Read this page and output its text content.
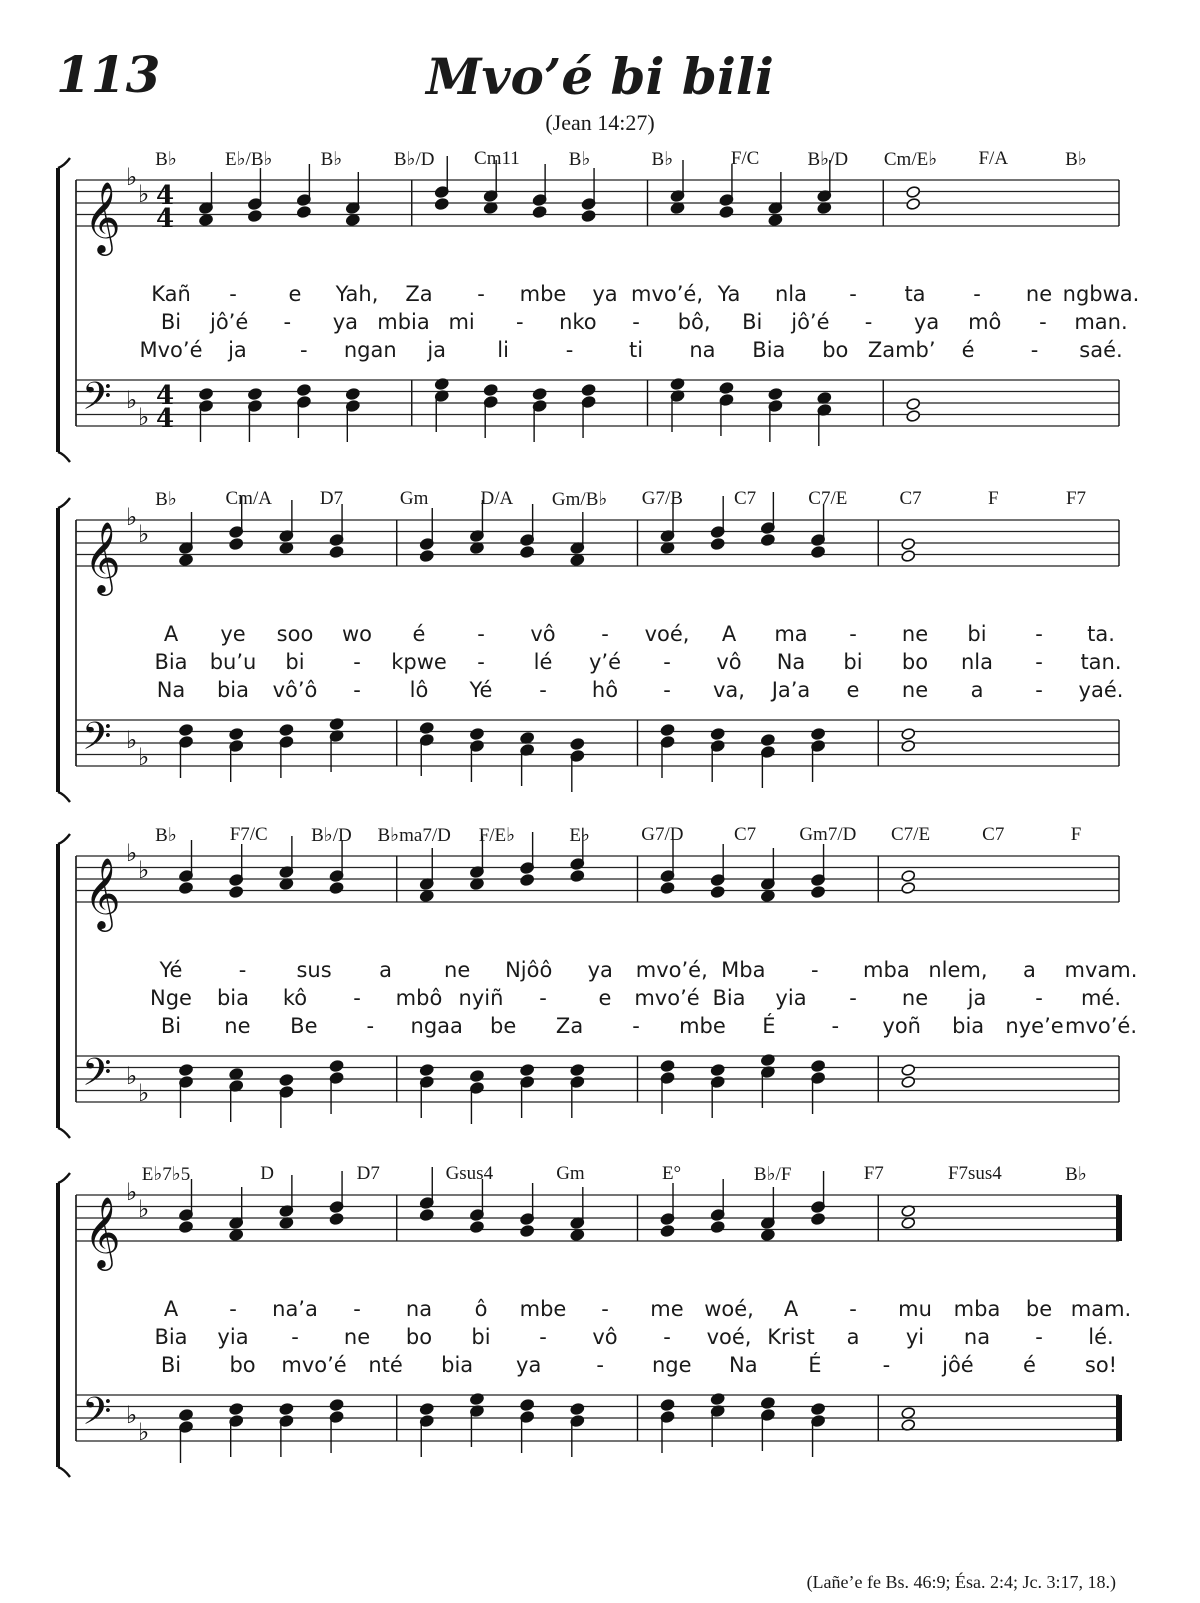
113	Mvo’é bi bili
(Jean 14:27)
𝄞
𝄢
♭
♭
♭
♭
4
4
4
4
B♭	E♭/B♭	B♭	B♭/D Cm11	B♭	B♭	F/C	B♭/D Cm/E♭ F/A	B♭
Kañ - e Yah, Za - mbe ya mvo’é, Ya nla - ta - ne ngbwa.
Bi jô’é - ya mbia mi - nko - bô, Bi jô’é - ya mô - man.
Mvo’é ja	- ngan ja li	-	ti na Bia bo Zamb’ é	- saé.
𝄞
𝄢
♭
♭
♭
♭
B♭	Cm/A	D7	Gm	D/A Gm/B♭ G7/B	C7	C7/E	C7	F	F7
A ye soo wo é - vô - voé, A ma - ne bi - ta.
Bia bu’u bi - kpwe - lé y’é - vô Na bi bo nla - tan.
Na bia vô’ô - lô Yé - hô - va, Ja’a e ne a - yaé.
𝄞
𝄢
♭
♭
♭
♭
B♭	F7/C B♭/D B♭ma7/D F/E♭	E♭	G7/D	C7 Gm7/D C7/E	C7	F
Yé	- sus a ne Njôô ya mvo’é, Mba - mba nlem, a mvam.
Nge bia kô - mbô nyiñ - e mvo’é Bia yia - ne ja - mé.
Bi ne Be - ngaa be Za - mbe É	- yoñ bia nye’e mvo’é.
𝄞
𝄢
♭
♭
♭
♭
E♭7♭5	D	D7	Gsus4	Gm	E°	B♭/F	F7	F7sus4	B♭
A - na’a - na ô mbe - me woé, A - mu mba be mam.
Bia yia - ne bo bi - vô - voé, Krist a yi na - lé.
Bi bo mvo’é nté bia ya	- nge Na É	- jôé é so!
(Lañe’e fe Bs. 46:9; Ésa. 2:4; Jc. 3:17, 18.)
